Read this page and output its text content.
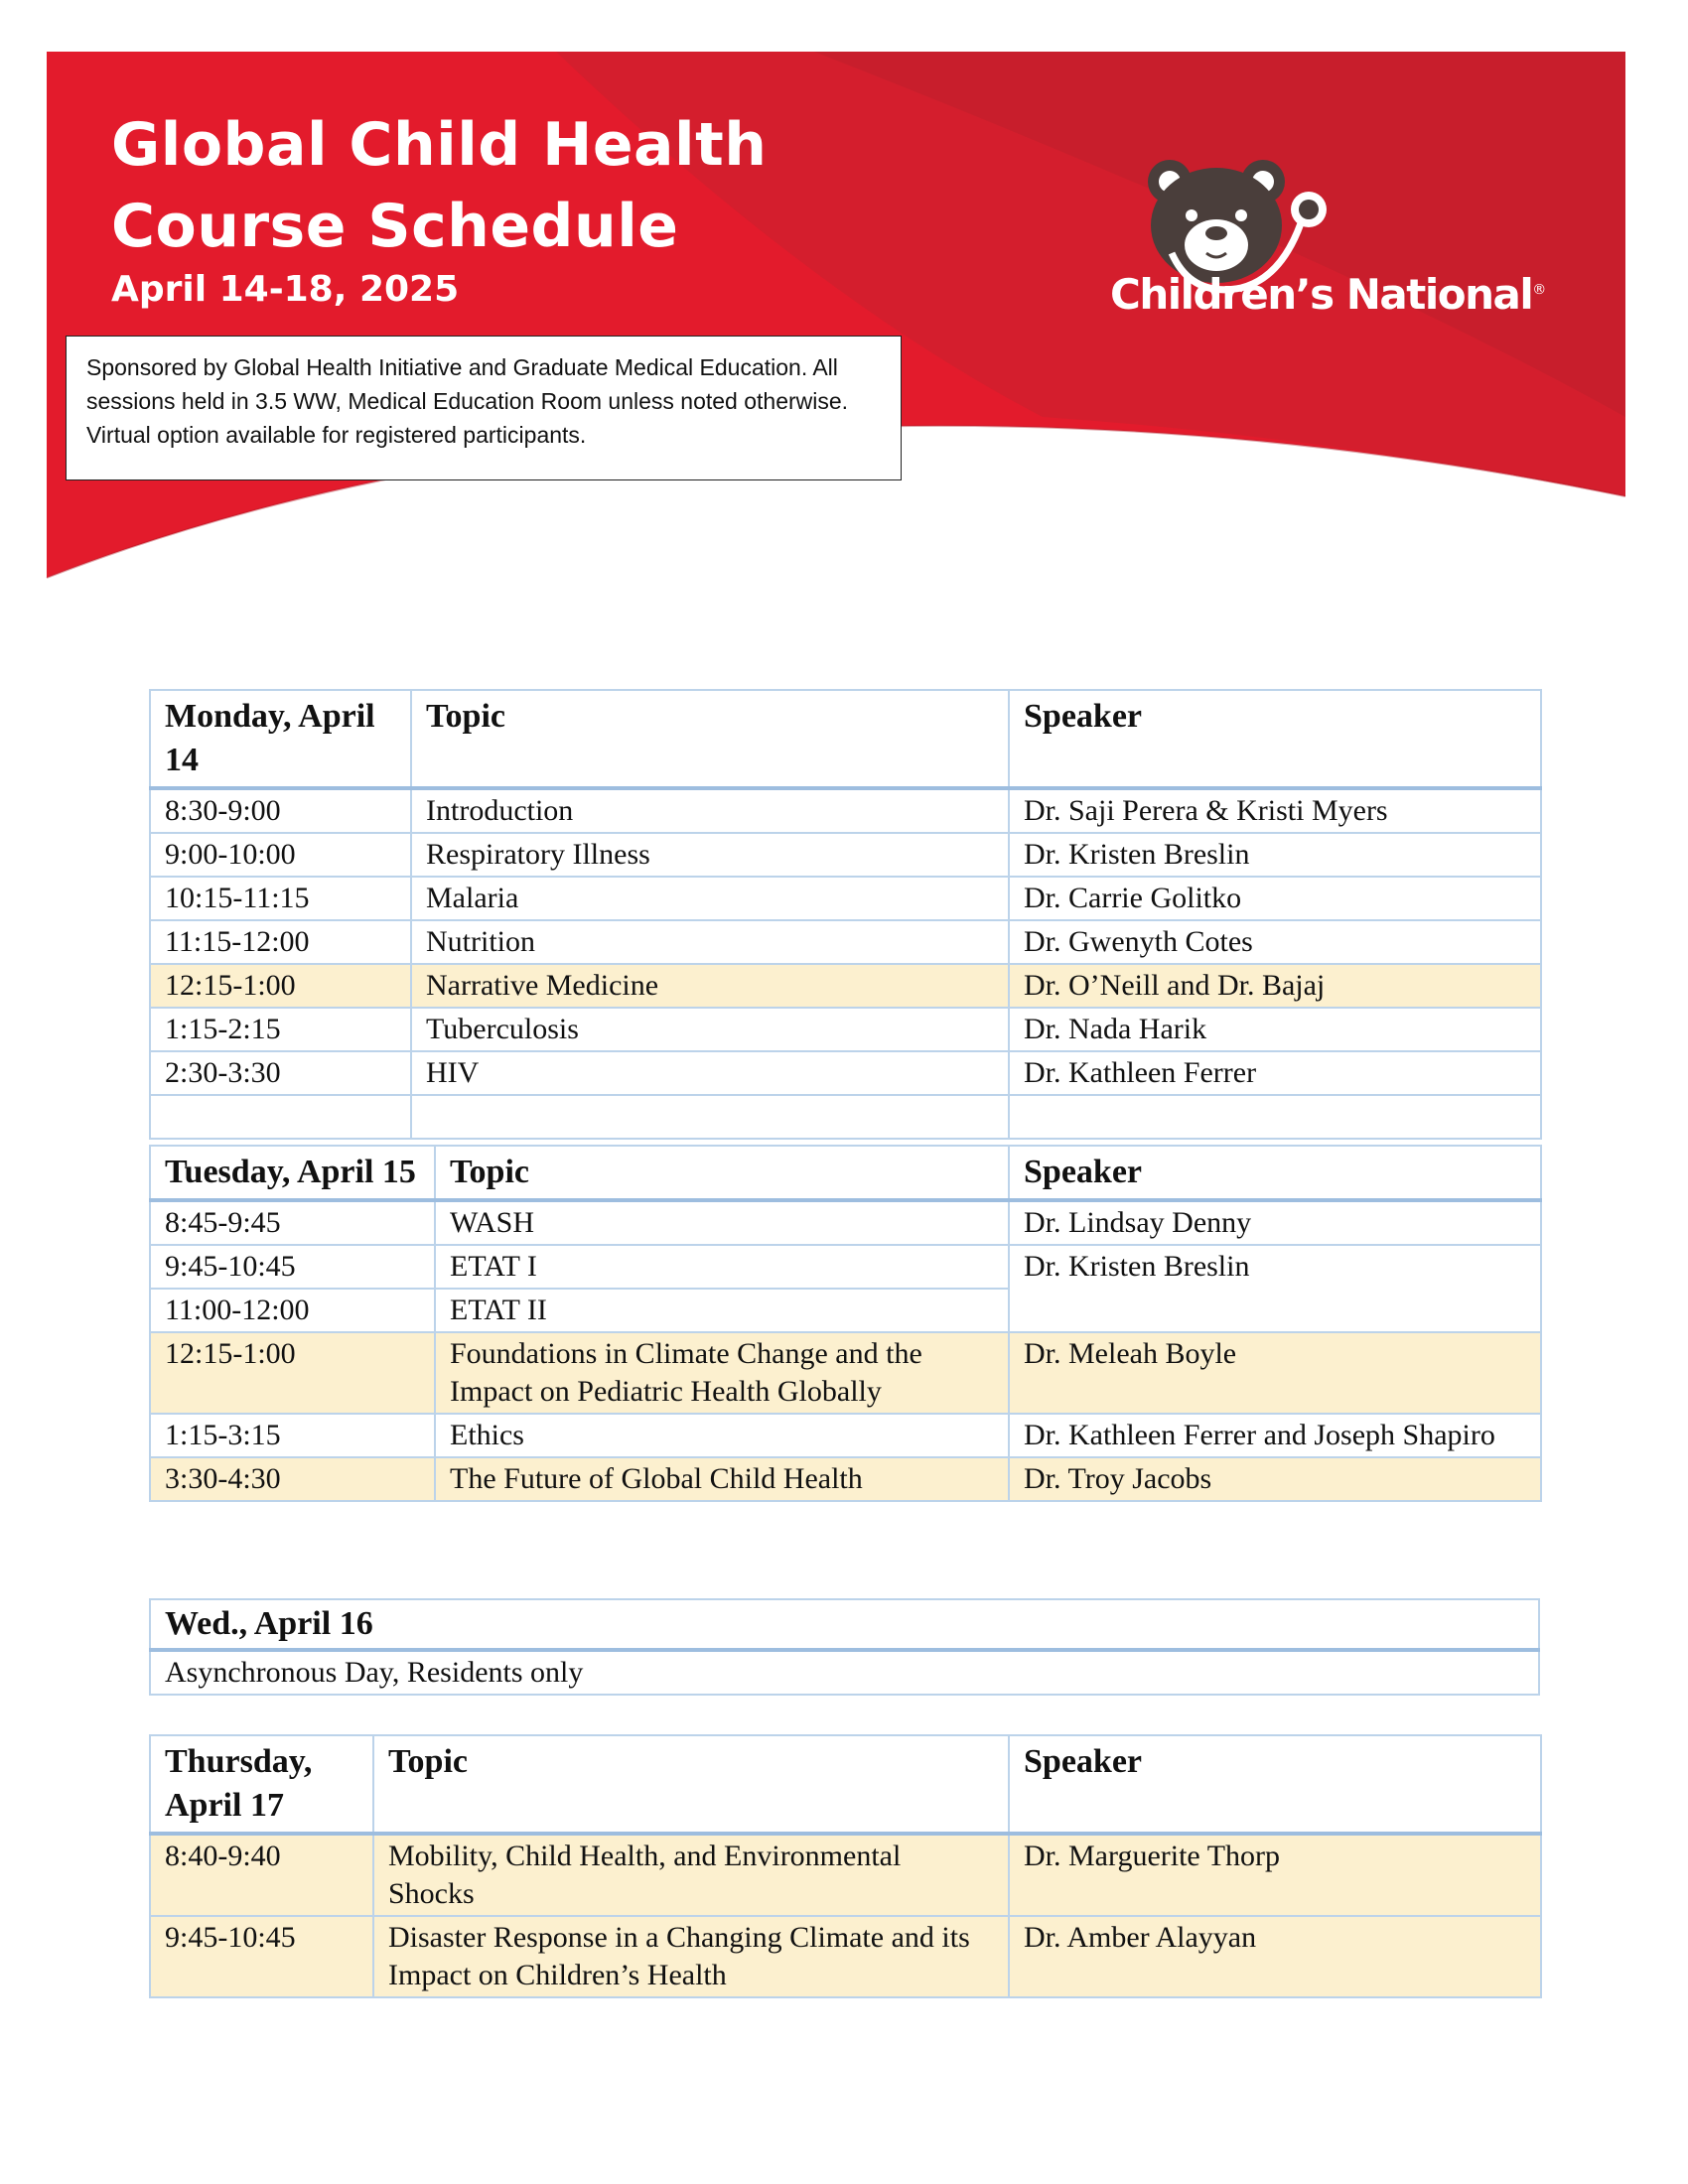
Global Child Health
Course Schedule
April 14-18, 2025
Sponsored by Global Health Initiative and Graduate Medical Education. All sessions held in 3.5 WW, Medical Education Room unless noted otherwise. Virtual option available for registered participants.
Children’s National®
Monday, April 14	Topic	Speaker
8:30-9:00	Introduction	Dr. Saji Perera & Kristi Myers
9:00-10:00	Respiratory Illness	Dr. Kristen Breslin
10:15-11:15	Malaria	Dr. Carrie Golitko
11:15-12:00	Nutrition	Dr. Gwenyth Cotes
12:15-1:00	Narrative Medicine	Dr. O’Neill and Dr. Bajaj
1:15-2:15	Tuberculosis	Dr. Nada Harik
2:30-3:30	HIV	Dr. Kathleen Ferrer

Tuesday, April 15	Topic	Speaker
8:45-9:45	WASH	Dr. Lindsay Denny
9:45-10:45	ETAT I	Dr. Kristen Breslin
11:00-12:00	ETAT II	
12:15-1:00	Foundations in Climate Change and the Impact on Pediatric Health Globally	Dr. Meleah Boyle
1:15-3:15	Ethics	Dr. Kathleen Ferrer and Joseph Shapiro
3:30-4:30	The Future of Global Child Health	Dr. Troy Jacobs
Wed., April 16
Asynchronous Day, Residents only
Thursday, April 17	Topic	Speaker
8:40-9:40	Mobility, Child Health, and Environmental Shocks	Dr. Marguerite Thorp
9:45-10:45	Disaster Response in a Changing Climate and its Impact on Children’s Health	Dr. Amber Alayyan
